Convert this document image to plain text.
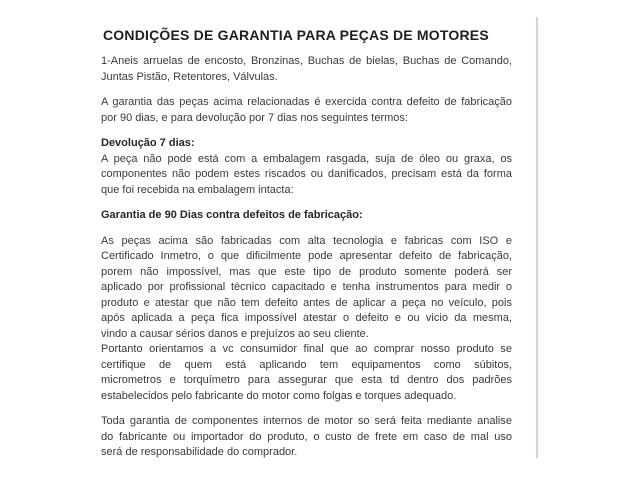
CONDIÇÕES DE GARANTIA PARA PEÇAS DE MOTORES
1-Aneis arruelas de encosto, Bronzinas, Buchas de bielas, Buchas de Comando,
Juntas Pistão, Retentores, Válvulas.
A garantia das peças acima relacionadas é exercida contra defeito de fabricação
por 90 dias, e para devolução por 7 dias nos seguintes termos:
Devolução 7 dias:
A peça não pode está com a embalagem rasgada, suja de óleo ou graxa, os
componentes não podem estes riscados ou danificados, precisam está da forma
que foi recebida na embalagem intacta:
Garantia de 90 Dias contra defeitos de fabricação:
As peças acima são fabricadas com alta tecnologia e fabricas com ISO e
Certificado Inmetro, o que dificilmente pode apresentar defeito de fabricação,
porem não impossível, mas que este tipo de produto somente poderá ser
aplicado por profissional técnico capacitado e tenha instrumentos para medir o
produto e atestar que não tem defeito antes de aplicar a peça no veículo, pois
após aplicada a peça fica impossível atestar o defeito e ou vicio da mesma,
vindo a causar sérios danos e prejuízos ao seu cliente.
Portanto orientamos a vc consumidor final que ao comprar nosso produto se
certifique de quem está aplicando tem equipamentos como súbitos,
micrometros e torquímetro para assegurar que esta td dentro dos padrões
estabelecidos pelo fabricante do motor como folgas e torques adequado.
Toda garantia de componentes internos de motor so será feita mediante analise
do fabricante ou importador do produto, o custo de frete em caso de mal uso
será de responsabilidade do comprador.
